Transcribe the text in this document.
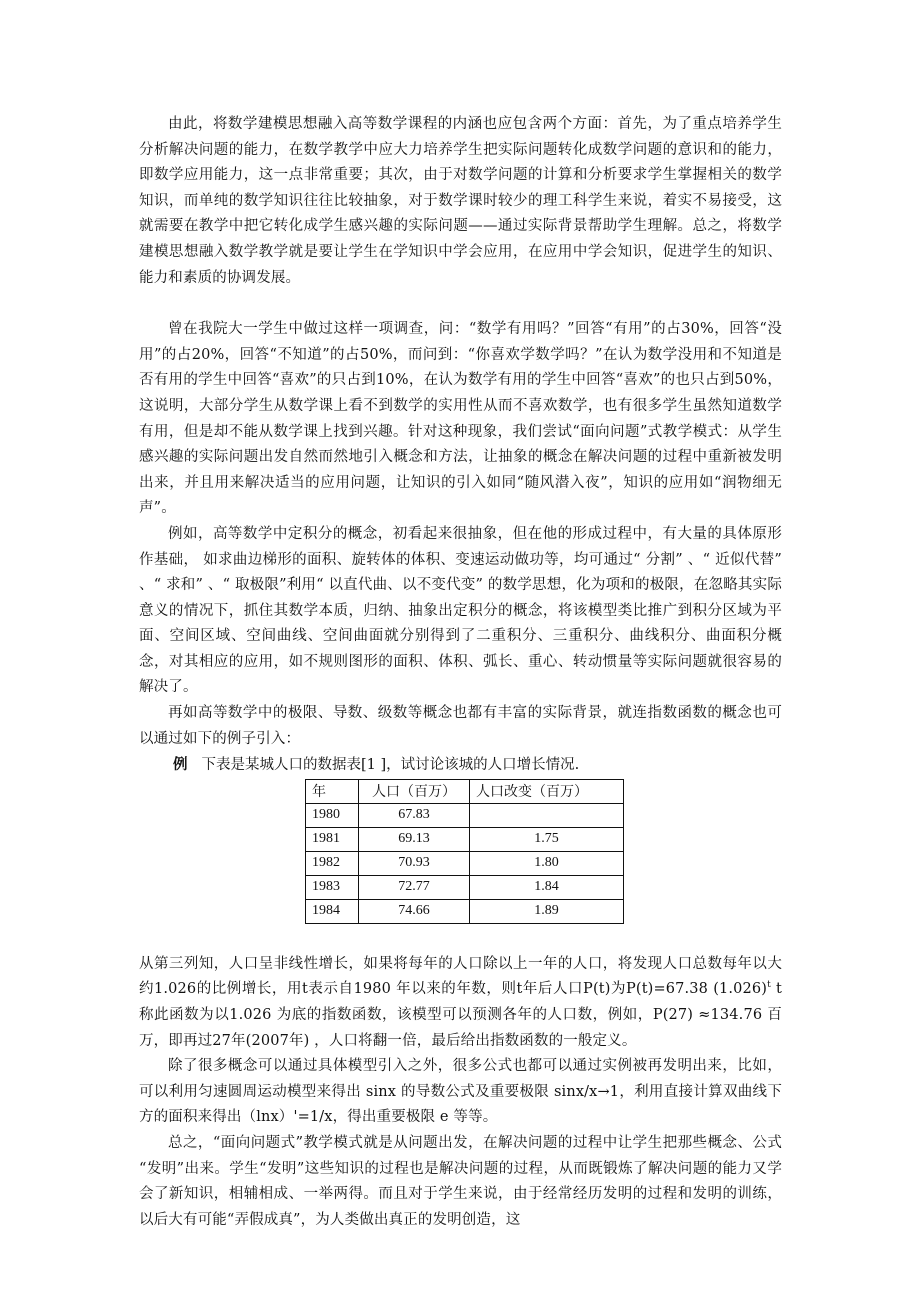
由此，将数学建模思想融入高等数学课程的内涵也应包含两个方面：首先，为了重点培养学生分析解决问题的能力，在数学教学中应大力培养学生把实际问题转化成数学问题的意识和的能力，即数学应用能力，这一点非常重要；其次，由于对数学问题的计算和分析要求学生掌握相关的数学知识，而单纯的数学知识往往比较抽象，对于数学课时较少的理工科学生来说，着实不易接受，这就需要在教学中把它转化成学生感兴趣的实际问题——通过实际背景帮助学生理解。总之，将数学建模思想融入数学教学就是要让学生在学知识中学会应用，在应用中学会知识，促进学生的知识、能力和素质的协调发展。

曾在我院大一学生中做过这样一项调查，问：“数学有用吗？”回答“有用”的占30%，回答“没用”的占20%，回答“不知道”的占50%，而问到：“你喜欢学数学吗？”在认为数学没用和不知道是否有用的学生中回答“喜欢”的只占到10%，在认为数学有用的学生中回答“喜欢”的也只占到50%，这说明，大部分学生从数学课上看不到数学的实用性从而不喜欢数学，也有很多学生虽然知道数学有用，但是却不能从数学课上找到兴趣。针对这种现象，我们尝试“面向问题”式教学模式：从学生感兴趣的实际问题出发自然而然地引入概念和方法，让抽象的概念在解决问题的过程中重新被发明出来，并且用来解决适当的应用问题，让知识的引入如同“随风潜入夜”，知识的应用如“润物细无声”。

例如，高等数学中定积分的概念，初看起来很抽象，但在他的形成过程中，有大量的具体原形作基础， 如求曲边梯形的面积、旋转体的体积、变速运动做功等，均可通过“ 分割” 、“ 近似代替” 、“ 求和” 、“ 取极限”利用“ 以直代曲、以不变代变” 的数学思想，化为项和的极限，在忽略其实际意义的情况下，抓住其数学本质，归纳、抽象出定积分的概念，将该模型类比推广到积分区域为平面、空间区域、空间曲线、空间曲面就分别得到了二重积分、三重积分、曲线积分、曲面积分概念，对其相应的应用，如不规则图形的面积、体积、弧长、重心、转动惯量等实际问题就很容易的解决了。

再如高等数学中的极限、导数、级数等概念也都有丰富的实际背景，就连指数函数的概念也可以通过如下的例子引入：

例 下表是某城人口的数据表[1 ]，试讨论该城的人口增长情况.
年	人口（百万）	人口改变（百万）
1980	67.83	
1981	69.13	1.75
1982	70.93	1.80
1983	72.77	1.84
1984	74.66	1.89

从第三列知，人口呈非线性增长，如果将每年的人口除以上一年的人口，将发现人口总数每年以大约1.026的比例增长，用t表示自1980 年以来的年数，则t年后人口P(t)为P(t)=67.38 $(1.026)^t$ t称此函数为以1.026 为底的指数函数，该模型可以预测各年的人口数，例如，P(27) ≈134.76 百万，即再过27年(2007年) ，人口将翻一倍，最后给出指数函数的一般定义。

除了很多概念可以通过具体模型引入之外，很多公式也都可以通过实例被再发明出来，比如，可以利用匀速圆周运动模型来得出 sinx 的导数公式及重要极限 sinx/x→1，利用直接计算双曲线下方的面积来得出（lnx）'=1/x，得出重要极限 e 等等。

总之，“面向问题式”教学模式就是从问题出发，在解决问题的过程中让学生把那些概念、公式 “发明”出来。学生“发明”这些知识的过程也是解决问题的过程，从而既锻炼了解决问题的能力又学会了新知识，相辅相成、一举两得。而且对于学生来说，由于经常经历发明的过程和发明的训练，以后大有可能“弄假成真”，为人类做出真正的发明创造，这
